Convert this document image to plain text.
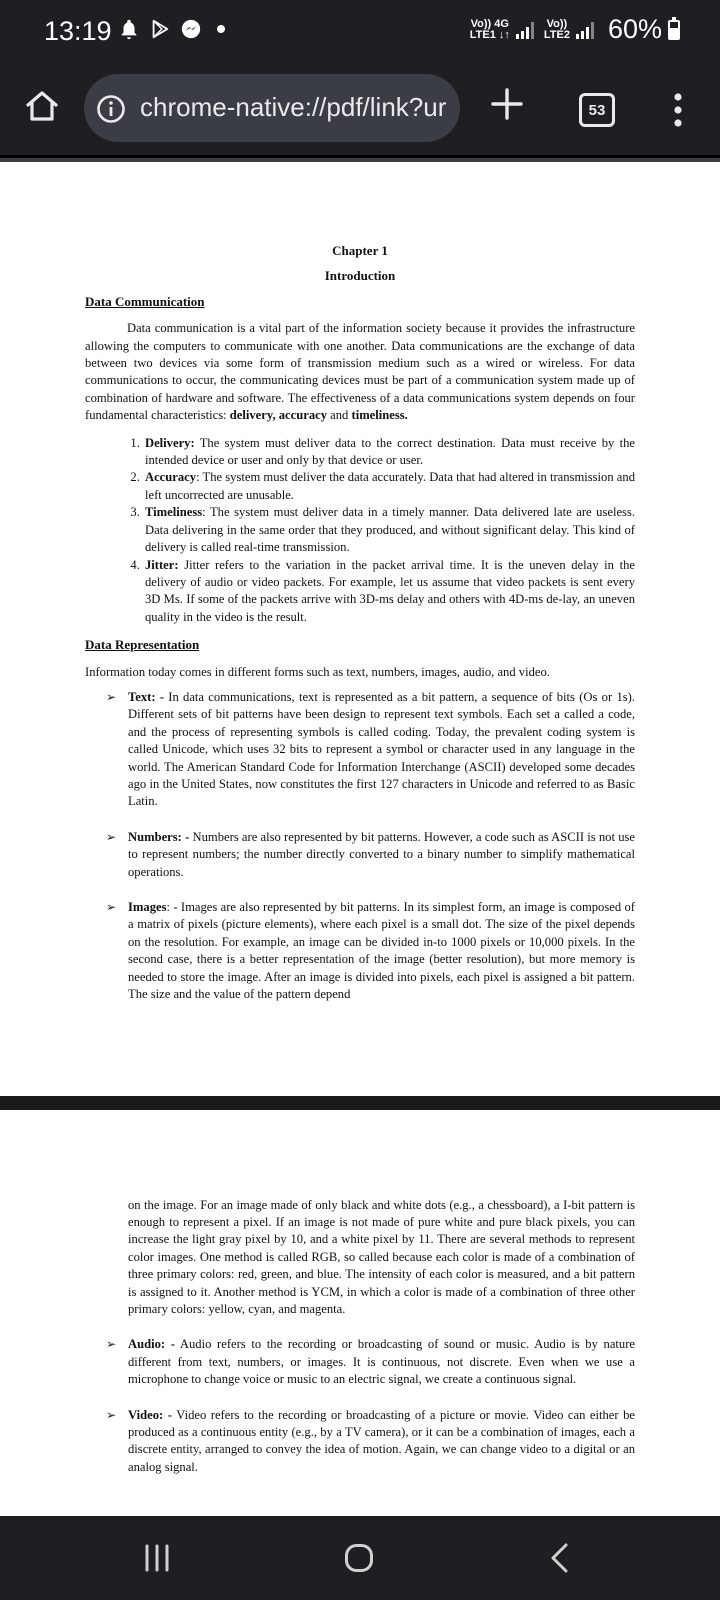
13:19	Vo)) 4G
LTE1 ↓↑
Vo))
LTE2 60%
chrome-native://pdf/link?ur	53
Chapter 1
Introduction
Data Communication

Data communication is a vital part of the information society because it provides the infrastructure allowing the computers to communicate with one another. Data communications are the exchange of data between two devices via some form of transmission medium such as a wired or wireless. For data communications to occur, the communicating devices must be part of a communication system made up of combination of hardware and software. The effectiveness of a data communications system depends on four fundamental characteristics: delivery, accuracy and timeliness.

1. Delivery: The system must deliver data to the correct destination. Data must receive by the intended device or user and only by that device or user.
2. Accuracy: The system must deliver the data accurately. Data that had altered in transmission and left uncorrected are unusable.
3. Timeliness: The system must deliver data in a timely manner. Data delivered late are useless. Data delivering in the same order that they produced, and without significant delay. This kind of delivery is called real-time transmission.
4. Jitter: Jitter refers to the variation in the packet arrival time. It is the uneven delay in the delivery of audio or video packets. For example, let us assume that video packets is sent every 3D Ms. If some of the packets arrive with 3D-ms delay and others with 4D-ms de-lay, an uneven quality in the video is the result.
Data Representation

Information today comes in different forms such as text, numbers, images, audio, and video.

➢ Text: - In data communications, text is represented as a bit pattern, a sequence of bits (Os or 1s). Different sets of bit patterns have been design to represent text symbols. Each set a called a code, and the process of representing symbols is called coding. Today, the prevalent coding system is called Unicode, which uses 32 bits to represent a symbol or character used in any language in the world. The American Standard Code for Information Interchange (ASCII) developed some decades ago in the United States, now constitutes the first 127 characters in Unicode and referred to as Basic Latin.
➢ Numbers: - Numbers are also represented by bit patterns. However, a code such as ASCII is not use to represent numbers; the number directly converted to a binary number to simplify mathematical operations.
➢ Images: - Images are also represented by bit patterns. In its simplest form, an image is composed of a matrix of pixels (picture elements), where each pixel is a small dot. The size of the pixel depends on the resolution. For example, an image can be divided in-to 1000 pixels or 10,000 pixels. In the second case, there is a better representation of the image (better resolution), but more memory is needed to store the image. After an image is divided into pixels, each pixel is assigned a bit pattern. The size and the value of the pattern depend

on the image. For an image made of only black and white dots (e.g., a chessboard), a I-bit pattern is enough to represent a pixel. If an image is not made of pure white and pure black pixels, you can increase the light gray pixel by 10, and a white pixel by 11. There are several methods to represent color images. One method is called RGB, so called because each color is made of a combination of three primary colors: red, green, and blue. The intensity of each color is measured, and a bit pattern is assigned to it. Another method is YCM, in which a color is made of a combination of three other primary colors: yellow, cyan, and magenta.

➢ Audio: - Audio refers to the recording or broadcasting of sound or music. Audio is by nature different from text, numbers, or images. It is continuous, not discrete. Even when we use a microphone to change voice or music to an electric signal, we create a continuous signal.
➢ Video: - Video refers to the recording or broadcasting of a picture or movie. Video can either be produced as a continuous entity (e.g., by a TV camera), or it can be a combination of images, each a discrete entity, arranged to convey the idea of motion. Again, we can change video to a digital or an analog signal.
